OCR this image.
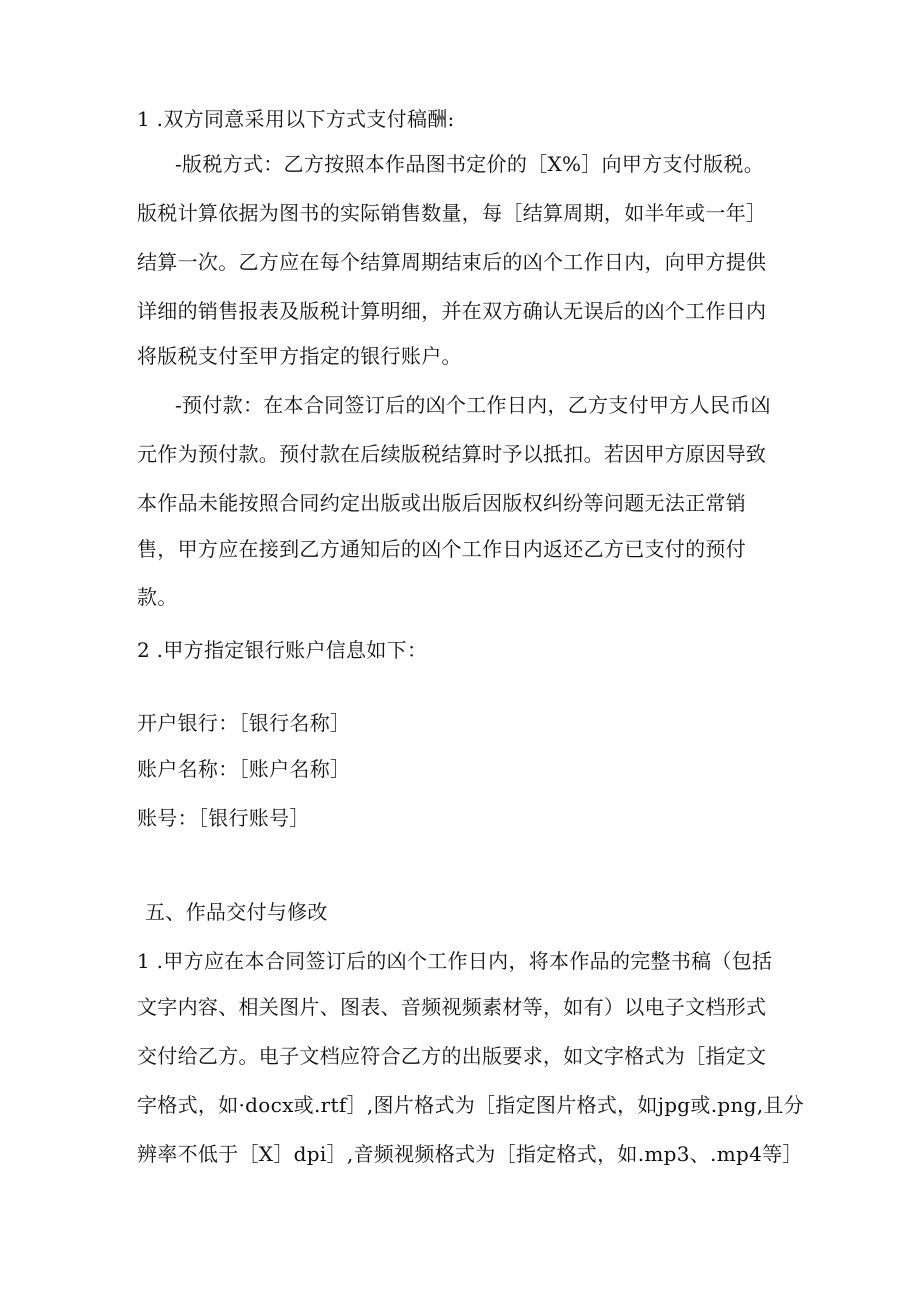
1 .双方同意采用以下方式支付稿酬:
-版税方式：乙方按照本作品图书定价的［X%］向甲方支付版税。
版税计算依据为图书的实际销售数量，每［结算周期，如半年或一年］
结算一次。乙方应在每个结算周期结束后的凶个工作日内，向甲方提供
详细的销售报表及版税计算明细，并在双方确认无误后的凶个工作日内
将版税支付至甲方指定的银行账户。
-预付款：在本合同签订后的凶个工作日内，乙方支付甲方人民币凶
元作为预付款。预付款在后续版税结算时予以抵扣。若因甲方原因导致
本作品未能按照合同约定出版或出版后因版权纠纷等问题无法正常销
售，甲方应在接到乙方通知后的凶个工作日内返还乙方已支付的预付
款。
2 .甲方指定银行账户信息如下：
开户银行：［银行名称］
账户名称：［账户名称］
账号：［银行账号］
五、作品交付与修改
1 .甲方应在本合同签订后的凶个工作日内，将本作品的完整书稿（包括
文字内容、相关图片、图表、音频视频素材等，如有）以电子文档形式
交付给乙方。电子文档应符合乙方的出版要求，如文字格式为［指定文
字格式，如·docx或.rtf］,图片格式为［指定图片格式，如jpg或.png,且分
辨率不低于［X］dpi］,音频视频格式为［指定格式，如.mp3、.mp4等］
